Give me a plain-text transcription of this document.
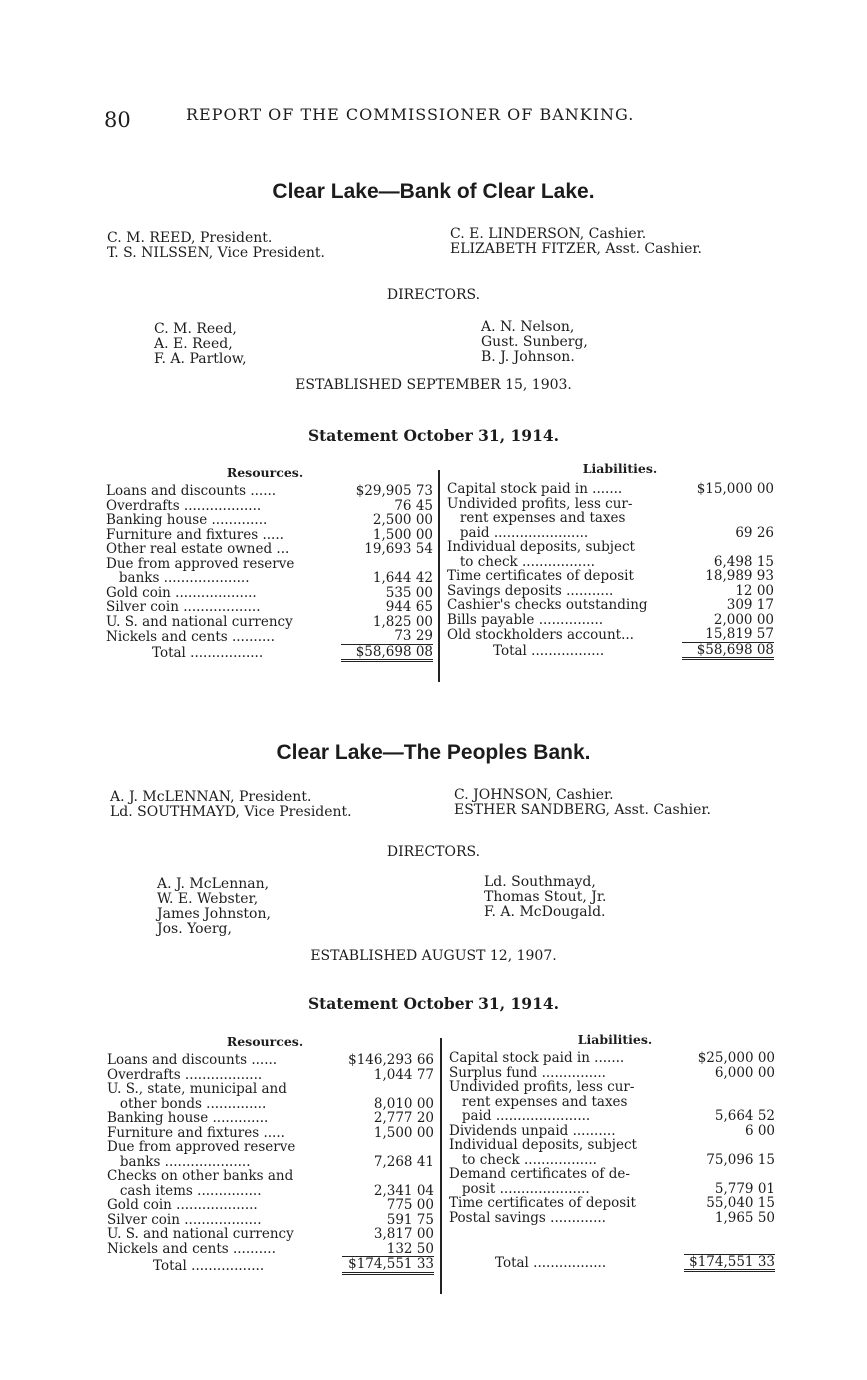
80	REPORT OF THE COMMISSIONER OF BANKING.
Clear Lake—Bank of Clear Lake.
C. M. REED, President.
T. S. NILSSEN, Vice President.
C. E. LINDERSON, Cashier.
ELIZABETH FITZER, Asst. Cashier.
DIRECTORS.
C. M. Reed,
A. E. Reed,
F. A. Partlow,
A. N. Nelson,
Gust. Sunberg,
B. J. Johnson.
ESTABLISHED SEPTEMBER 15, 1903.
Statement October 31, 1914.
Resources.	Liabilities.
Loans and discounts ......	$29,905 73
Overdrafts ..................	76 45
Banking house .............	2,500 00
Furniture and fixtures .....	1,500 00
Other real estate owned ...	19,693 54
Due from approved reserve	
banks ....................	1,644 42
Gold coin ...................	535 00
Silver coin ..................	944 65
U. S. and national currency	1,825 00
Nickels and cents ..........	73 29
Total .................	$58,698 08
Capital stock paid in .......	$15,000 00
Undivided profits, less cur-	
rent expenses and taxes	
paid ......................	69 26
Individual deposits, subject	
to check .................	6,498 15
Time certificates of deposit	18,989 93
Savings deposits ...........	12 00
Cashier's checks outstanding	309 17
Bills payable ...............	2,000 00
Old stockholders account...	15,819 57
Total .................	$58,698 08
Clear Lake—The Peoples Bank.
A. J. McLENNAN, President.
Ld. SOUTHMAYD, Vice President.
C. JOHNSON, Cashier.
ESTHER SANDBERG, Asst. Cashier.
DIRECTORS.
A. J. McLennan,
W. E. Webster,
James Johnston,
Jos. Yoerg,
Ld. Southmayd,
Thomas Stout, Jr.
F. A. McDougald.
ESTABLISHED AUGUST 12, 1907.
Statement October 31, 1914.
Resources.	Liabilities.
Loans and discounts ......	$146,293 66
Overdrafts ..................	1,044 77
U. S., state, municipal and	
other bonds ..............	8,010 00
Banking house .............	2,777 20
Furniture and fixtures .....	1,500 00
Due from approved reserve	
banks ....................	7,268 41
Checks on other banks and	
cash items ...............	2,341 04
Gold coin ...................	775 00
Silver coin ..................	591 75
U. S. and national currency	3,817 00
Nickels and cents ..........	132 50
Total .................	$174,551 33
Capital stock paid in .......	$25,000 00
Surplus fund ...............	6,000 00
Undivided profits, less cur-	
rent expenses and taxes	
paid ......................	5,664 52
Dividends unpaid ..........	6 00
Individual deposits, subject	
to check .................	75,096 15
Demand certificates of de-	
posit .....................	5,779 01
Time certificates of deposit	55,040 15
Postal savings .............	1,965 50

Total .................	$174,551 33
